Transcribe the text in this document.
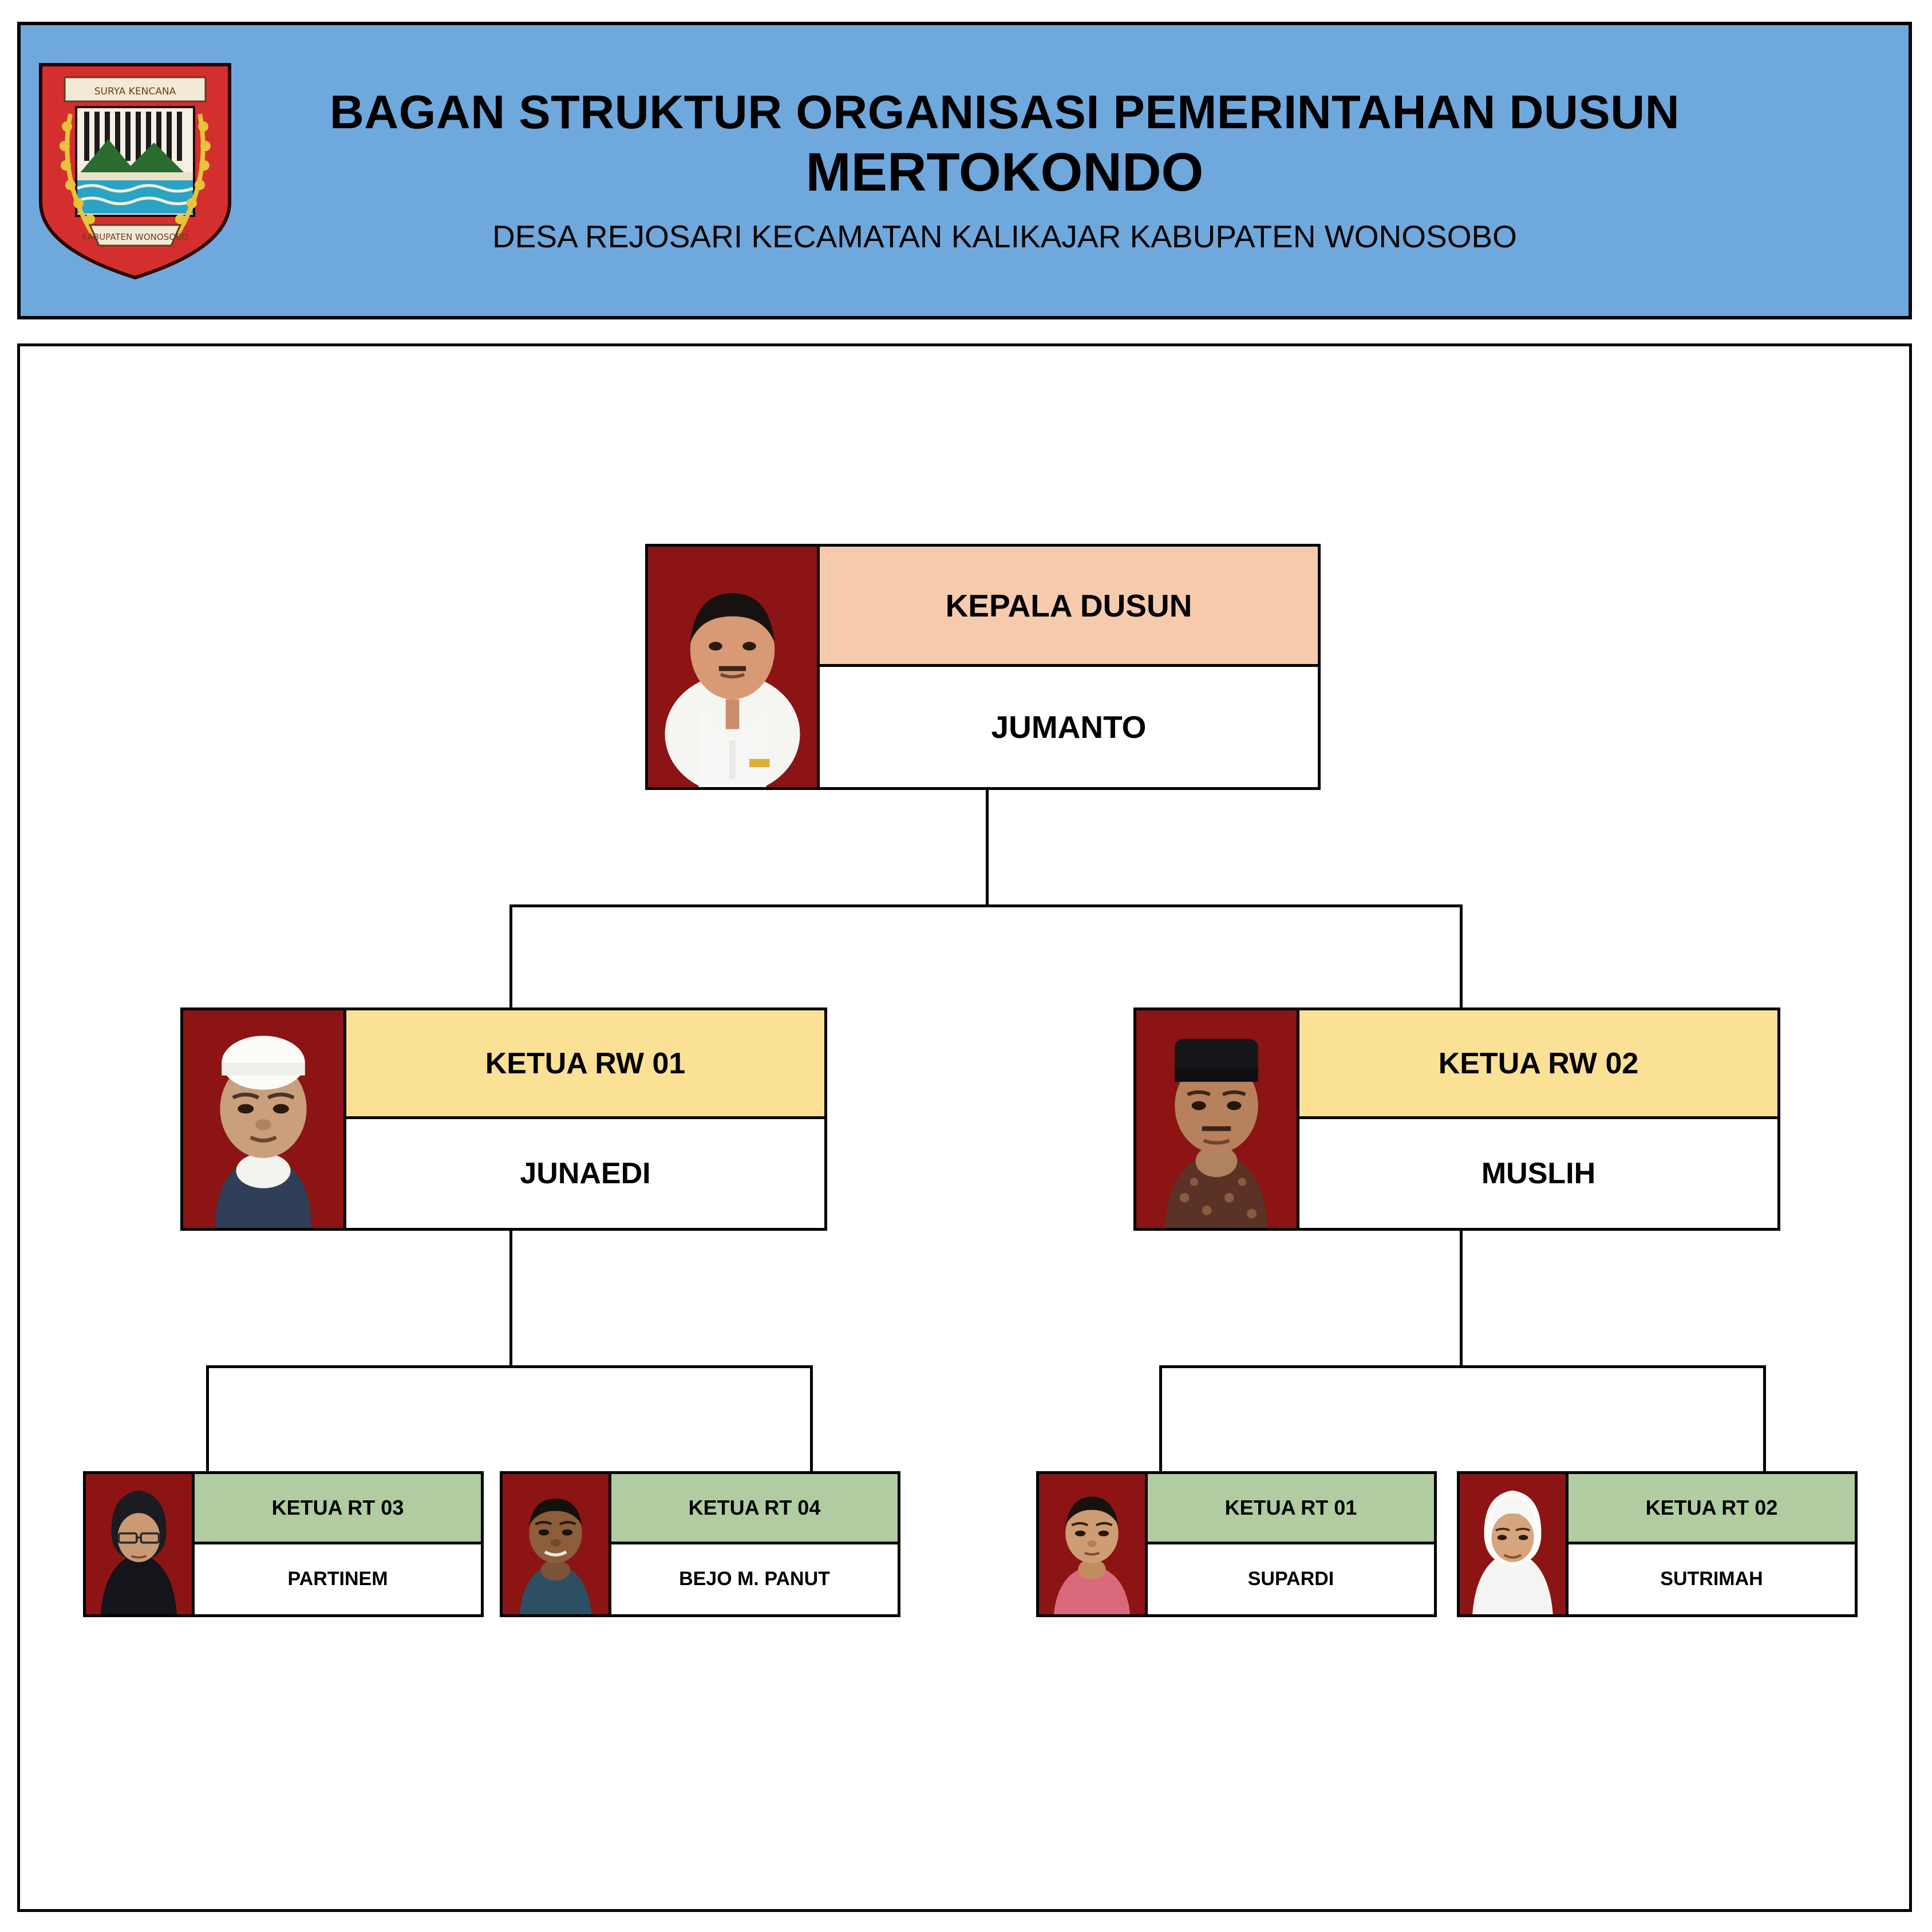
SURYA KENCANA
KABUPATEN WONOSOBO
BAGAN STRUKTUR ORGANISASI PEMERINTAHAN DUSUN
MERTOKONDO
DESA REJOSARI KECAMATAN KALIKAJAR KABUPATEN WONOSOBO
KEPALA DUSUN
JUMANTO
KETUA RW 01
JUNAEDI
KETUA RW 02
MUSLIH
KETUA RT 03
PARTINEM
KETUA RT 04
BEJO M. PANUT
KETUA RT 01
SUPARDI
KETUA RT 02
SUTRIMAH
